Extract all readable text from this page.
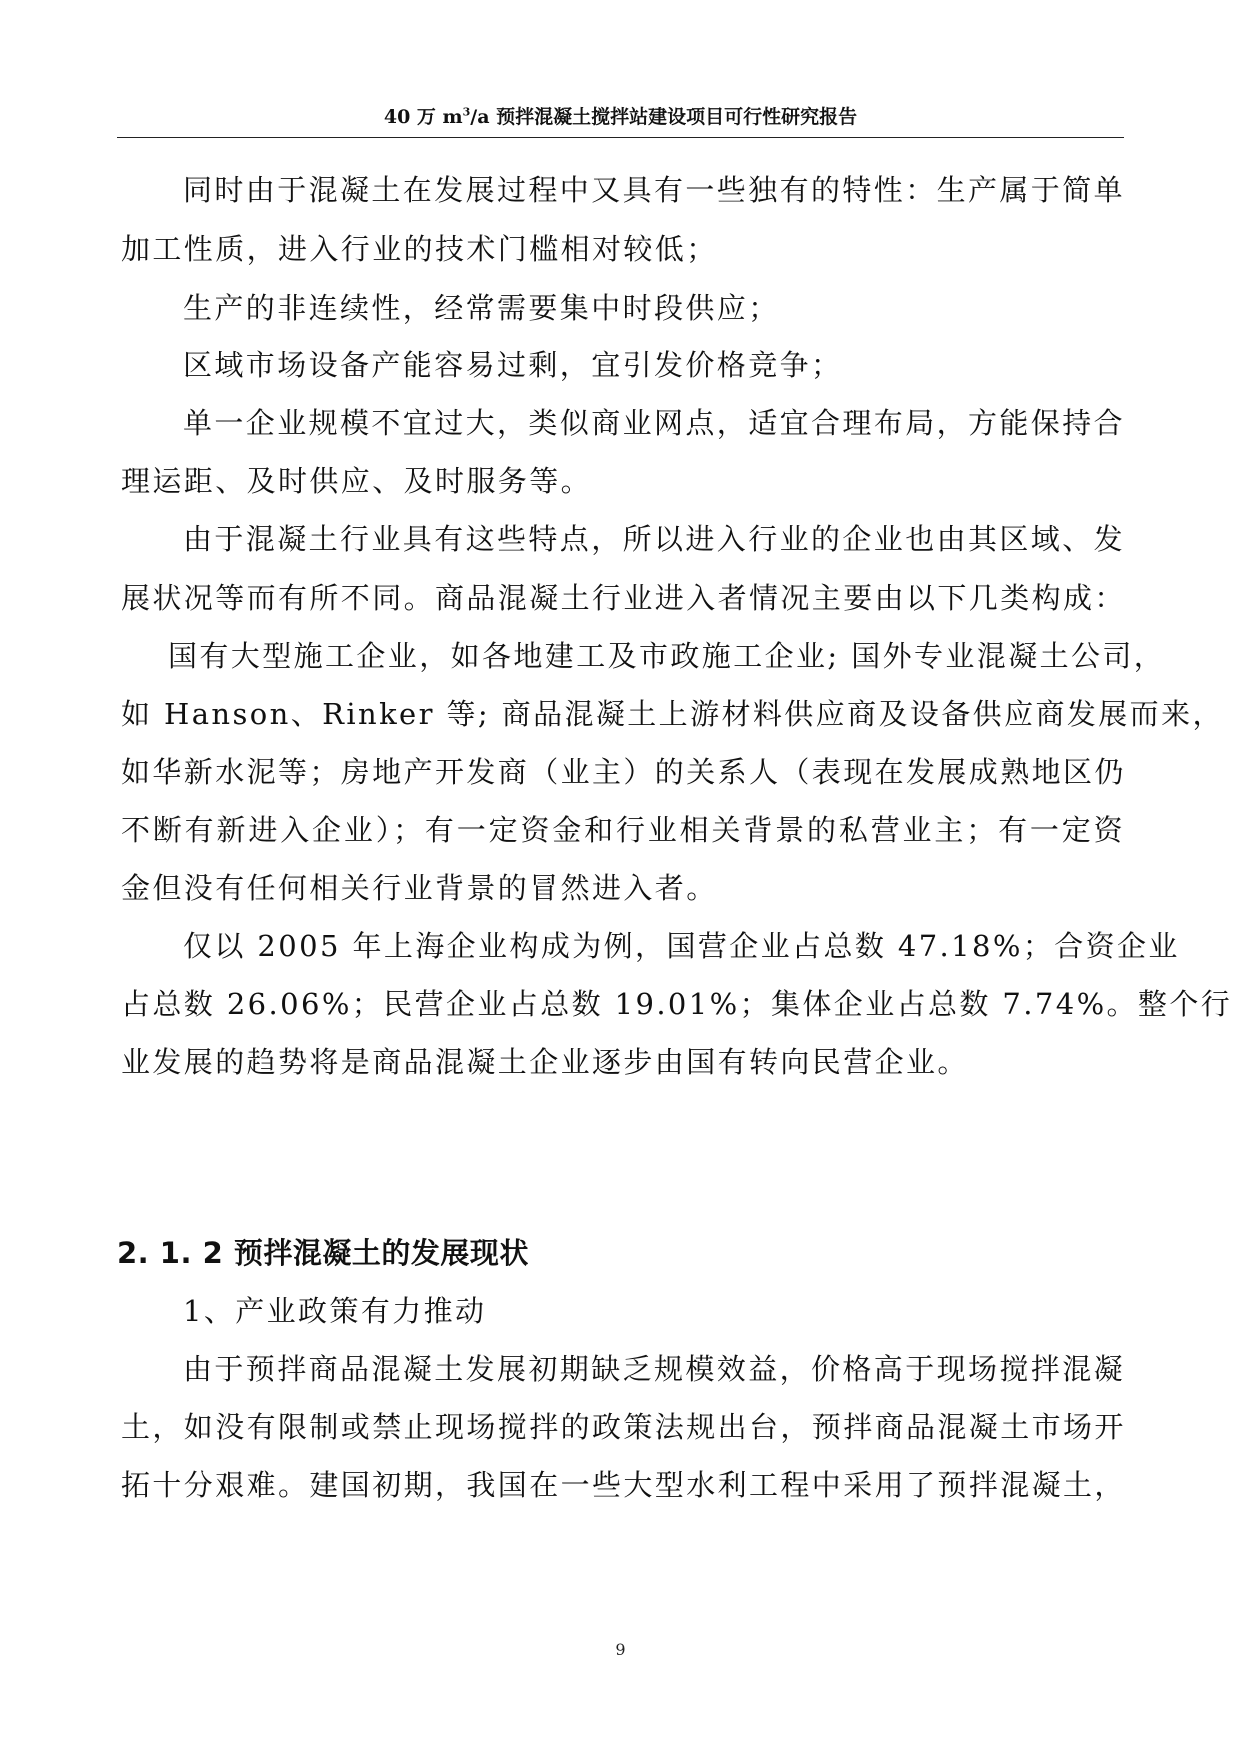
40 万 $m^3/a$ 预拌混凝土搅拌站建设项目可行性研究报告
同时由于混凝土在发展过程中又具有一些独有的特性：生产属于简单
加工性质，进入行业的技术门槛相对较低；
生产的非连续性，经常需要集中时段供应；
区域市场设备产能容易过剩，宜引发价格竞争；
单一企业规模不宜过大，类似商业网点，适宜合理布局，方能保持合
理运距、及时供应、及时服务等。
由于混凝土行业具有这些特点，所以进入行业的企业也由其区域、发
展状况等而有所不同。商品混凝土行业进入者情况主要由以下几类构成：
国有大型施工企业，如各地建工及市政施工企业; 国外专业混凝土公司，
如 Hanson、Rinker 等; 商品混凝土上游材料供应商及设备供应商发展而来，
如华新水泥等；房地产开发商（业主）的关系人（表现在发展成熟地区仍
不断有新进入企业）；有一定资金和行业相关背景的私营业主；有一定资
金但没有任何相关行业背景的冒然进入者。
仅以 2005 年上海企业构成为例，国营企业占总数 47.18%；合资企业
占总数 26.06%；民营企业占总数 19.01%；集体企业占总数 7.74%。整个行
业发展的趋势将是商品混凝土企业逐步由国有转向民营企业。
2. 1. 2 预拌混凝土的发展现状
1、产业政策有力推动
由于预拌商品混凝土发展初期缺乏规模效益，价格高于现场搅拌混凝
土，如没有限制或禁止现场搅拌的政策法规出台，预拌商品混凝土市场开
拓十分艰难。建国初期，我国在一些大型水利工程中采用了预拌混凝土，
9
